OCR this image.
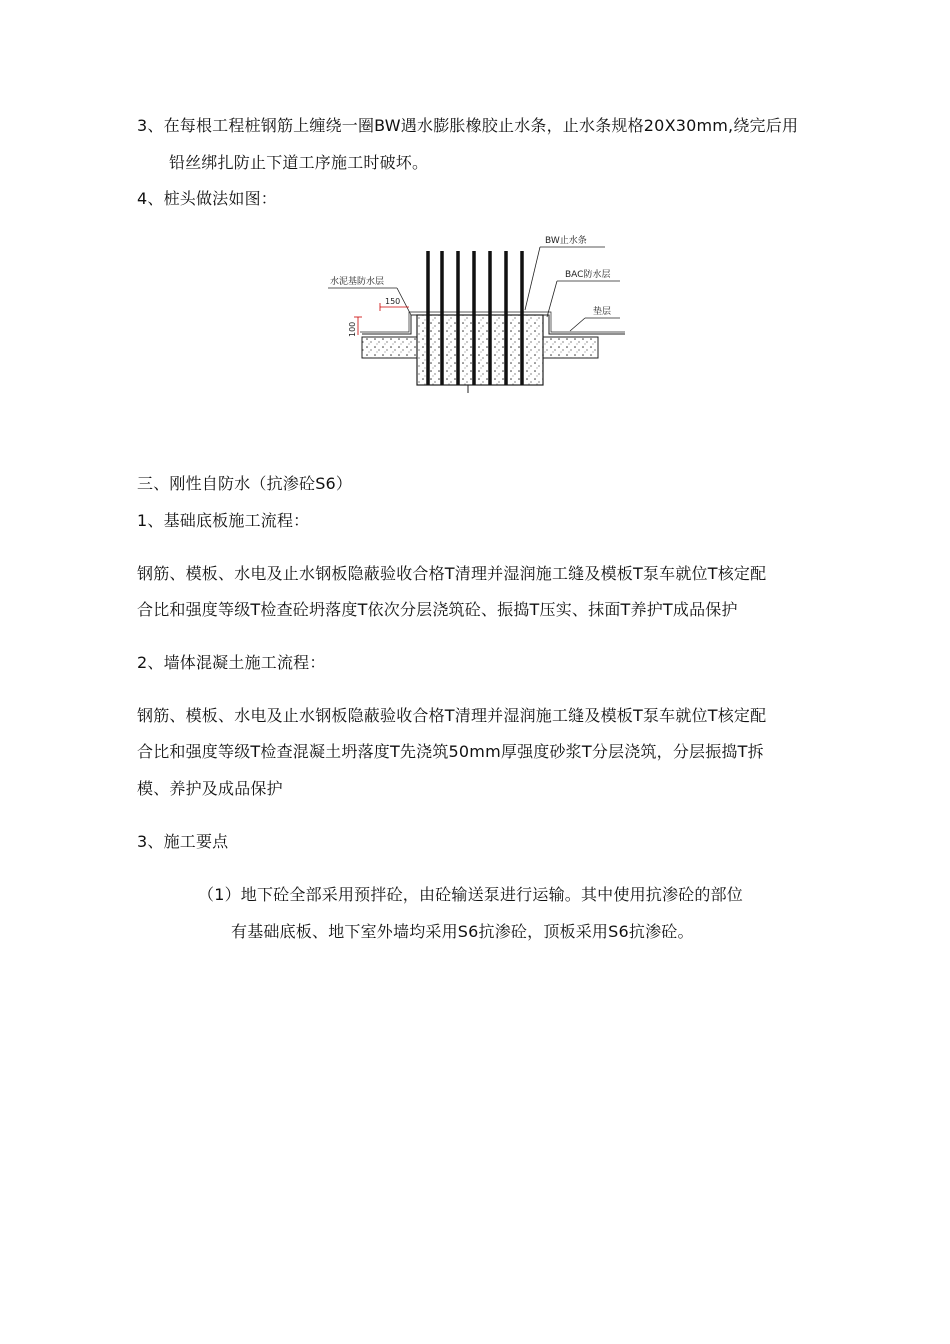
3、在每根工程桩钢筋上缠绕一圈BW遇水膨胀橡胶止水条，止水条规格20X30mm,绕完后用
铅丝绑扎防止下道工序施工时破坏。
4、桩头做法如图：
BW止水条
BAC防水层
垫层
水泥基防水层
150
100
三、刚性自防水（抗渗砼S6）
1、基础底板施工流程：
钢筋、模板、水电及止水钢板隐蔽验收合格T清理并湿润施工缝及模板T泵车就位T核定配
合比和强度等级T检查砼坍落度T依次分层浇筑砼、振捣T压实、抹面T养护T成品保护
2、墙体混凝土施工流程：
钢筋、模板、水电及止水钢板隐蔽验收合格T清理并湿润施工缝及模板T泵车就位T核定配
合比和强度等级T检查混凝土坍落度T先浇筑50mm厚强度砂浆T分层浇筑，分层振捣T拆
模、养护及成品保护
3、施工要点
（1）地下砼全部采用预拌砼，由砼输送泵进行运输。其中使用抗渗砼的部位
有基础底板、地下室外墙均采用S6抗渗砼，顶板采用S6抗渗砼。
